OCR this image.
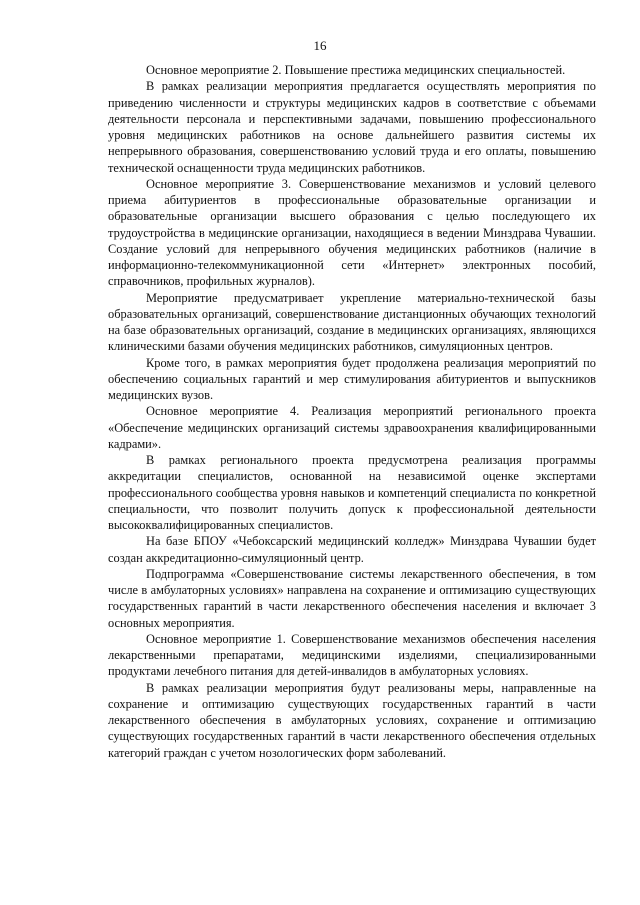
16

Основное мероприятие 2. Повышение престижа медицинских специальностей.

В рамках реализации мероприятия предлагается осуществлять мероприятия по приведению численности и структуры медицинских кадров в соответствие с объемами деятельности персонала и перспективными задачами, повышению профессионального уровня медицинских работников на основе дальнейшего развития системы их непрерывного образования, совершенствованию условий труда и его оплаты, повышению технической оснащенности труда медицинских работников.

Основное мероприятие 3. Совершенствование механизмов и условий целевого приема абитуриентов в профессиональные образовательные организации и образовательные организации высшего образования с целью последующего их трудоустройства в медицинские организации, находящиеся в ведении Минздрава Чувашии. Создание условий для непрерывного обучения медицинских работников (наличие в информационно-телекоммуникационной сети «Интернет» электронных пособий, справочников, профильных журналов).

Мероприятие предусматривает укрепление материально-технической базы образовательных организаций, совершенствование дистанционных обучающих технологий на базе образовательных организаций, создание в медицинских организациях, являющихся клиническими базами обучения медицинских работников, симуляционных центров.

Кроме того, в рамках мероприятия будет продолжена реализация мероприятий по обеспечению социальных гарантий и мер стимулирования абитуриентов и выпускников медицинских вузов.

Основное мероприятие 4. Реализация мероприятий регионального проекта «Обеспечение медицинских организаций системы здравоохранения квалифицированными кадрами».

В рамках регионального проекта предусмотрена реализация программы аккредитации специалистов, основанной на независимой оценке экспертами профессионального сообщества уровня навыков и компетенций специалиста по конкретной специальности, что позволит получить допуск к профессиональной деятельности высококвалифицированных специалистов.

На базе БПОУ «Чебоксарский медицинский колледж» Минздрава Чувашии будет создан аккредитационно-симуляционный центр.

Подпрограмма «Совершенствование системы лекарственного обеспечения, в том числе в амбулаторных условиях» направлена на сохранение и оптимизацию существующих государственных гарантий в части лекарственного обеспечения населения и включает 3 основных мероприятия.

Основное мероприятие 1. Совершенствование механизмов обеспечения населения лекарственными препаратами, медицинскими изделиями, специализированными продуктами лечебного питания для детей-инвалидов в амбулаторных условиях.

В рамках реализации мероприятия будут реализованы меры, направленные на сохранение и оптимизацию существующих государственных гарантий в части лекарственного обеспечения в амбулаторных условиях, сохранение и оптимизацию существующих государственных гарантий в части лекарственного обеспечения отдельных категорий граждан с учетом нозологических форм заболеваний.
